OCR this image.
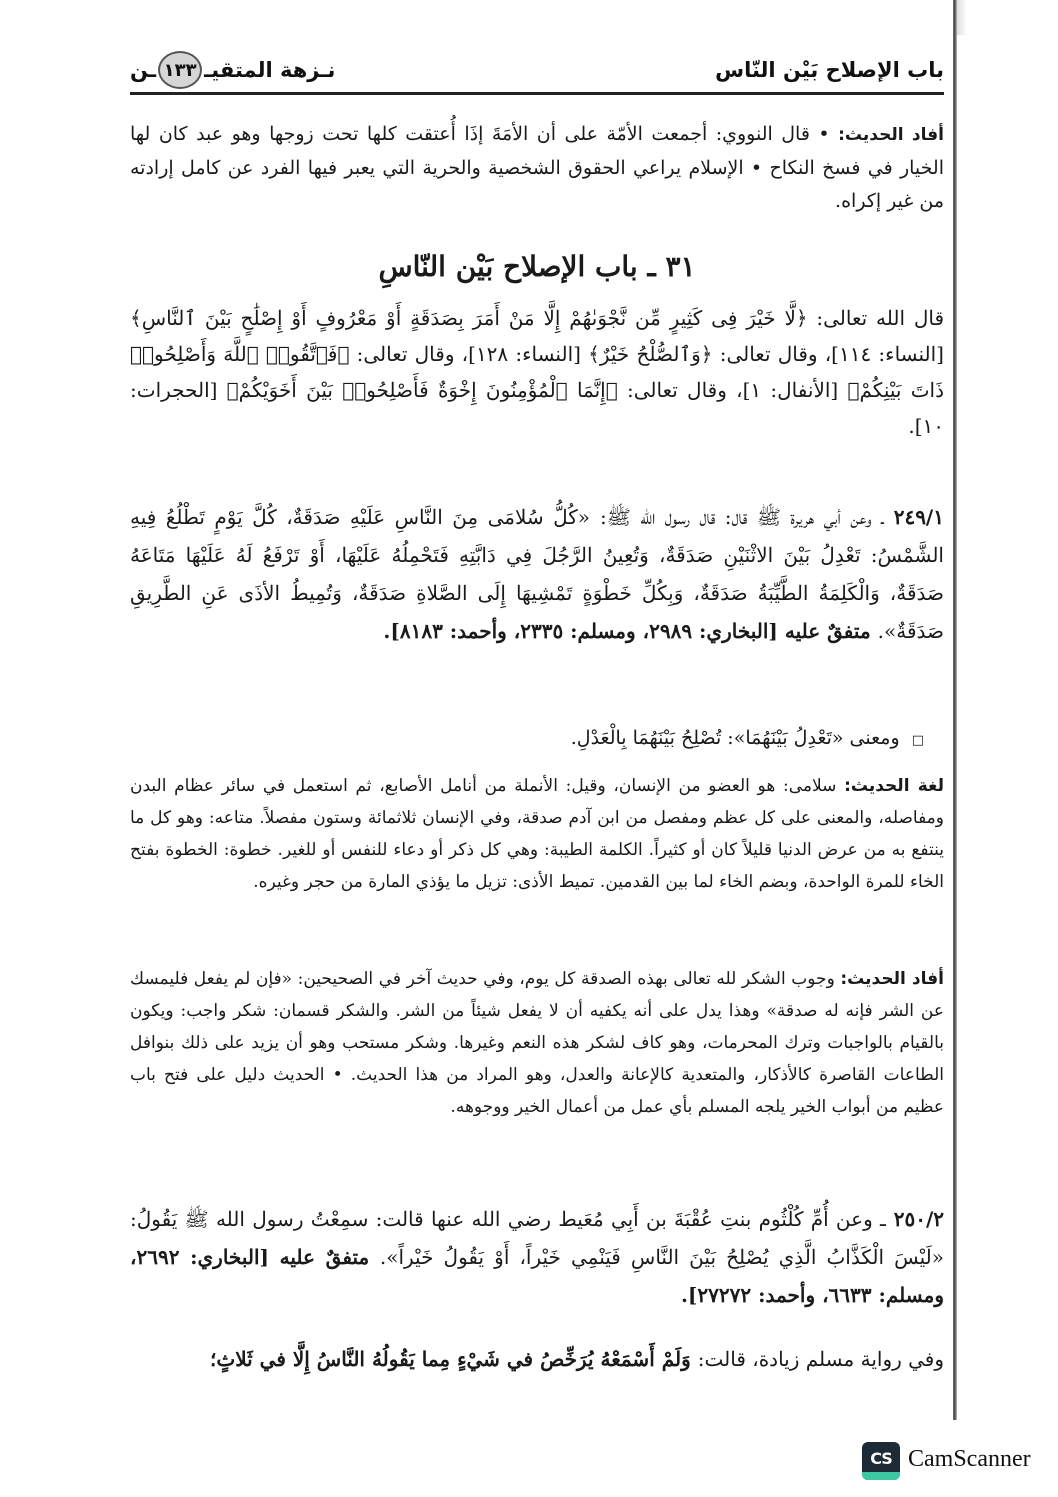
باب الإصلاح بَيْن النّاس
نـزهة المتقيـ
١٣٣
ـن
أفاد الحديث: • قال النووي: أجمعت الأمّة على أن الأمَةَ إذَا أُعتقت كلها تحت زوجها وهو عبد كان لها الخيار في فسخ النكاح • الإسلام يراعي الحقوق الشخصية والحرية التي يعبر فيها الفرد عن كامل إرادته من غير إكراه.
٣١ ـ باب الإصلاح بَيْن النّاسِ
قال الله تعالى: ﴿لَّا خَيْرَ فِى كَثِيرٍ مِّن نَّجْوَىٰهُمْ إِلَّا مَنْ أَمَرَ بِصَدَقَةٍ أَوْ مَعْرُوفٍ أَوْ إِصْلَٰحٍ بَيْنَ ٱلنَّاسِ﴾ [النساء: ١١٤]، وقال تعالى: ﴿وَٱلصُّلْحُ خَيْرٌ﴾ [النساء: ١٢٨]، وقال تعالى: ﴿فَٱتَّقُوا۟ ٱللَّهَ وَأَصْلِحُوا۟ ذَاتَ بَيْنِكُمْ﴾ [الأنفال: ١]، وقال تعالى: ﴿إِنَّمَا ٱلْمُؤْمِنُونَ إِخْوَةٌ فَأَصْلِحُوا۟ بَيْنَ أَخَوَيْكُمْ﴾ [الحجرات: ١٠].
٢٤٩/١ ـ وعن أبي هريرة ﷺ قال: قال رسول الله ﷺ: «كُلُّ سُلامَى مِنَ النَّاسِ عَلَيْهِ صَدَقَةٌ، كُلَّ يَوْمٍ تَطْلُعُ فِيهِ الشَّمْسُ: تَعْدِلُ بَيْنَ الاثْنَيْنِ صَدَقَةٌ، وَتُعِينُ الرَّجُلَ فِي دَابَّتِهِ فَتَحْمِلُهُ عَلَيْهَا، أَوْ تَرْفَعُ لَهُ عَلَيْهَا مَتَاعَهُ صَدَقَةٌ، وَالْكَلِمَةُ الطَّيِّبَةُ صَدَقَةٌ، وَبِكُلِّ خَطْوَةٍ تَمْشِيهَا إِلَى الصَّلاةِ صَدَقَةٌ، وَتُمِيطُ الأذَى عَنِ الطَّرِيقِ صَدَقَةٌ». متفقٌ عليه [البخاري: ٢٩٨٩، ومسلم: ٢٣٣٥، وأحمد: ٨١٨٣].
□ ومعنى «تَعْدِلُ بَيْنَهُمَا»: تُصْلِحُ بَيْنَهُمَا بِالْعَدْلِ.
لغة الحديث: سلامى: هو العضو من الإنسان، وقيل: الأنملة من أنامل الأصابع، ثم استعمل في سائر عظام البدن ومفاصله، والمعنى على كل عظم ومفصل من ابن آدم صدقة، وفي الإنسان ثلاثمائة وستون مفصلاً. متاعه: وهو كل ما ينتفع به من عرض الدنيا قليلاً كان أو كثيراً. الكلمة الطيبة: وهي كل ذكر أو دعاء للنفس أو للغير. خطوة: الخطوة بفتح الخاء للمرة الواحدة، وبضم الخاء لما بين القدمين. تميط الأذى: تزيل ما يؤذي المارة من حجر وغيره.
أفاد الحديث: وجوب الشكر لله تعالى بهذه الصدقة كل يوم، وفي حديث آخر في الصحيحين: «فإن لم يفعل فليمسك عن الشر فإنه له صدقة» وهذا يدل على أنه يكفيه أن لا يفعل شيئاً من الشر. والشكر قسمان: شكر واجب: ويكون بالقيام بالواجبات وترك المحرمات، وهو كاف لشكر هذه النعم وغيرها. وشكر مستحب وهو أن يزيد على ذلك بنوافل الطاعات القاصرة كالأذكار، والمتعدية كالإعانة والعدل، وهو المراد من هذا الحديث. • الحديث دليل على فتح باب عظيم من أبواب الخير يلجه المسلم بأي عمل من أعمال الخير ووجوهه.
٢٥٠/٢ ـ وعن أُمِّ كُلْثُوم بنتِ عُقْبَةَ بن أَبِي مُعَيط رضي الله عنها قالت: سمِعْتُ رسول الله ﷺ يَقُولُ: «لَيْسَ الْكَذَّابُ الَّذِي يُصْلِحُ بَيْنَ النَّاسِ فَيَنْمِي خَيْراً، أَوْ يَقُولُ خَيْراً». متفقٌ عليه [البخاري: ٢٦٩٢، ومسلم: ٦٦٣٣، وأحمد: ٢٧٢٧٢].
وفي رواية مسلم زيادة، قالت: وَلَمْ أَسْمَعْهُ يُرَخِّصُ في شَيْءٍ مِما يَقُولُهُ النَّاسُ إِلَّا في ثَلاثٍ؛
CS CamScanner
